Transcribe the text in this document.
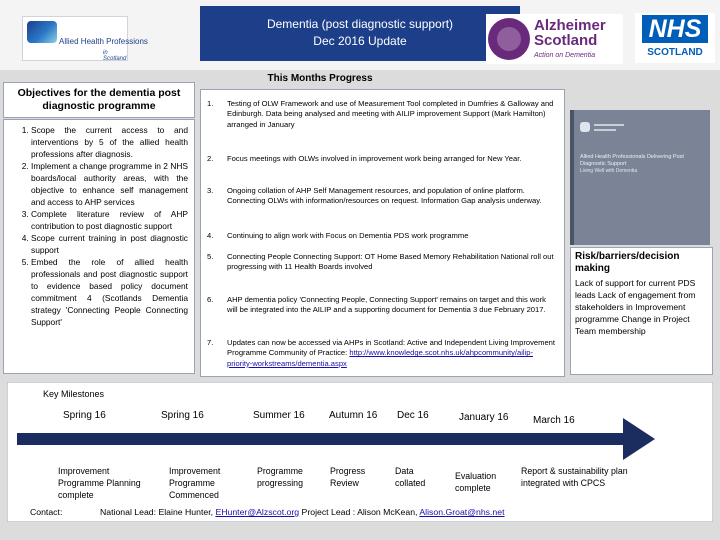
Allied Health Professions
in Scotland
Dementia (post diagnostic support)
Dec 2016 Update
Alzheimer
Scotland
Action on Dementia
NHS
SCOTLAND
This Months Progress
Objectives for the dementia post diagnostic programme
1. Scope the current access to and interventions by 5 of the allied health professions after diagnosis.
2. Implement a change programme in 2 NHS boards/local authority areas, with the objective to enhance self management and access to AHP services
3. Complete literature review of AHP contribution to post diagnostic support
4. Scope current training in post diagnostic support
5. Embed the role of allied health professionals and post diagnostic support to evidence based policy document commitment 4 (Scotlands Dementia strategy 'Connecting People Connecting Support'
1. Testing of OLW Framework and use of Measurement Tool completed in Dumfries & Galloway and Edinburgh. Data being analysed and meeting with AILIP improvement Support (Mark Hamilton) arranged in January
2. Focus meetings with OLWs involved in improvement work being arranged for New Year.
3. Ongoing collation of AHP Self Management resources, and population of online platform. Connecting OLWs with information/resources on request. Information Gap analysis underway.
4. Continuing to align work with Focus on Dementia PDS work programme
5. Connecting People Connecting Support: OT Home Based Memory Rehabilitation National roll out progressing with 11 Health Boards involved
6. AHP dementia policy 'Connecting People, Connecting Support' remains on target and this work will be integrated into the AILIP and a supporting document for Dementia 3 due February 2017.
7. Updates can now be accessed via AHPs in Scotland: Active and Independent Living Improvement Programme Community of Practice: http://www.knowledge.scot.nhs.uk/ahpcommunity/ailip-priority-workstreams/dementia.aspx
Allied Health Professionals Delivering Post Diagnostic Support
Living Well with Dementia
Risk/barriers/decision making
Lack of support for current PDS leads Lack of engagement from stakeholders in Improvement programme Change in Project Team membership
Key Milestones
Spring 16	Spring 16	Summer 16 Autumn 16 Dec 16	January 16 March 16
Improvement Programme Planning complete
Improvement Programme Commenced
Programme progressing
Progress Review
Data collated
Evaluation complete
Report & sustainability plan integrated with CPCS
Contact:	National Lead: Elaine Hunter, EHunter@Alzscot.org Project Lead : Alison McKean, Alison.Groat@nhs.net
